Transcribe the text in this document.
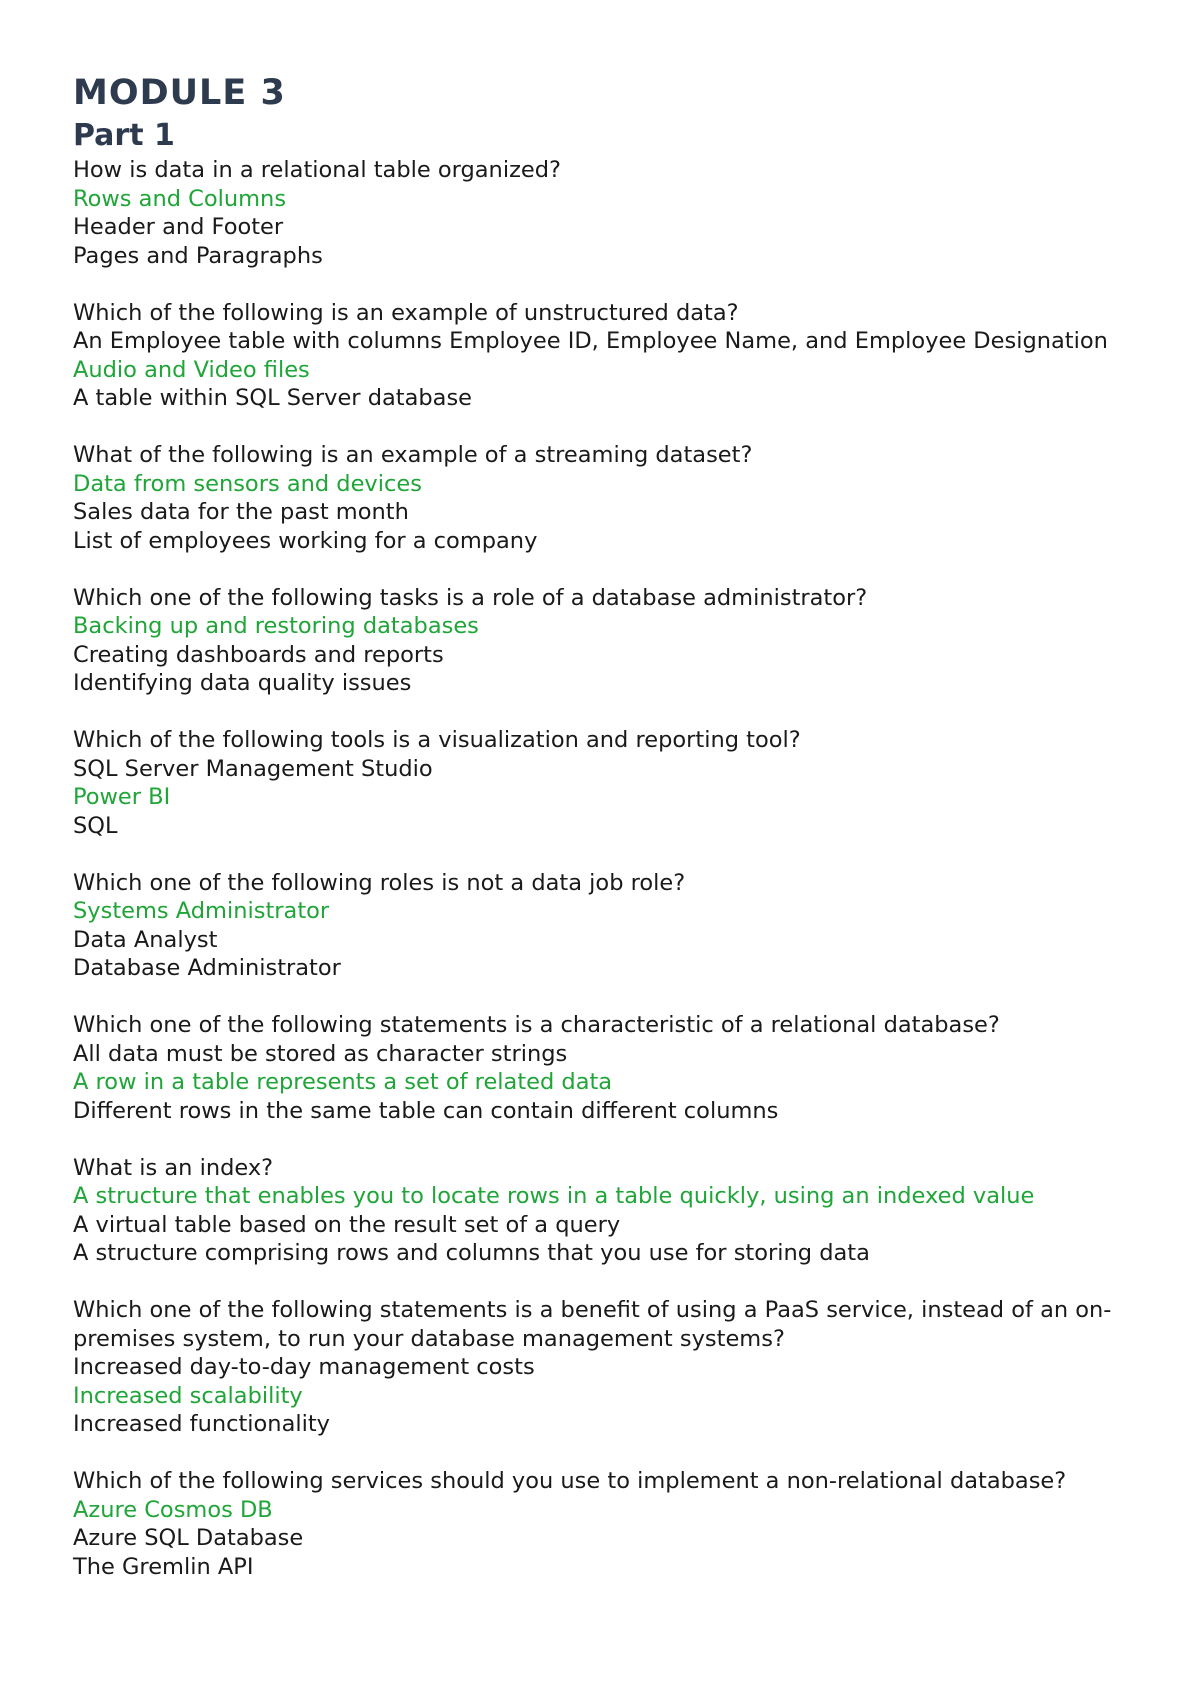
MODULE 3
Part 1

How is data in a relational table organized?

Rows and Columns

Header and Footer

Pages and Paragraphs

Which of the following is an example of unstructured data?

An Employee table with columns Employee ID, Employee Name, and Employee Designation

Audio and Video files

A table within SQL Server database

What of the following is an example of a streaming dataset?

Data from sensors and devices

Sales data for the past month

List of employees working for a company

Which one of the following tasks is a role of a database administrator?

Backing up and restoring databases

Creating dashboards and reports

Identifying data quality issues

Which of the following tools is a visualization and reporting tool?

SQL Server Management Studio

Power BI

SQL

Which one of the following roles is not a data job role?

Systems Administrator

Data Analyst

Database Administrator

Which one of the following statements is a characteristic of a relational database?

All data must be stored as character strings

A row in a table represents a set of related data

Different rows in the same table can contain different columns

What is an index?

A structure that enables you to locate rows in a table quickly, using an indexed value

A virtual table based on the result set of a query

A structure comprising rows and columns that you use for storing data

Which one of the following statements is a benefit of using a PaaS service, instead of an on-premises system, to run your database management systems?

Increased day-to-day management costs

Increased scalability

Increased functionality

Which of the following services should you use to implement a non-relational database?

Azure Cosmos DB

Azure SQL Database

The Gremlin API
